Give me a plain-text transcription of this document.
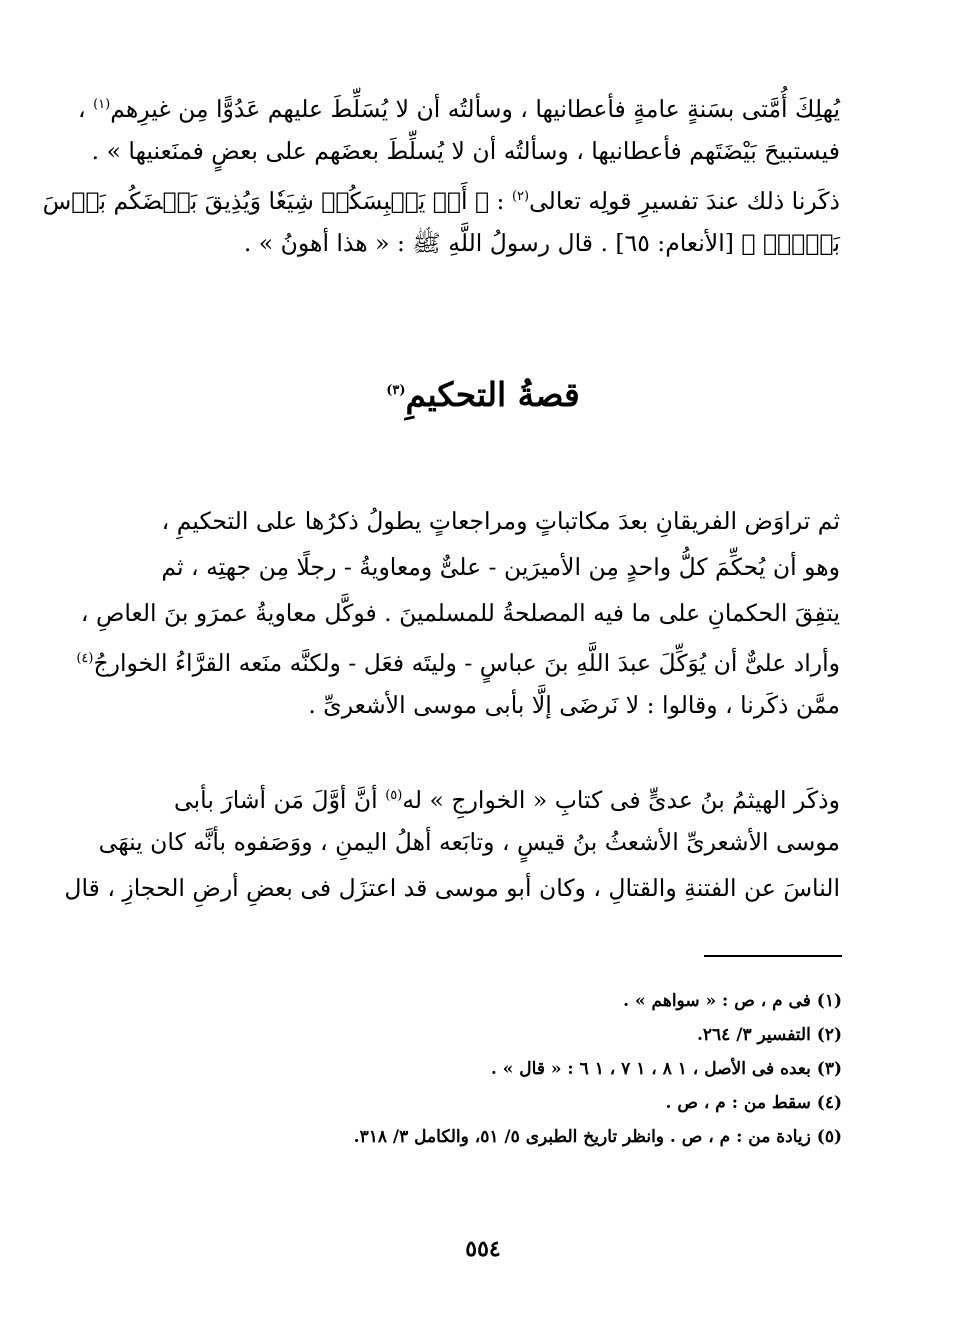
يُهلِكَ أُمَّتى بسَنةٍ عامةٍ فأعطانيها ، وسألتُه أن لا يُسَلِّطَ عليهم عَدُوًّا مِن غيرِهم$^{(١)}$ ،
فيستبيحَ بَيْضَتَهم فأعطانيها ، وسألتُه أن لا يُسلِّطَ بعضَهم على بعضٍ فمنَعنيها » .
ذكَرنا ذلك عندَ تفسيرِ قولِه تعالى$^{(٢)}$ : ﴿ أَوۡ يَلۡبِسَكُمۡ شِيَعٗا وَيُذِيقَ بَعۡضَكُم بَأۡسَ
بَعۡضٍۗ ﴾ [الأنعام: ٦٥] . قال رسولُ اللَّهِ ﷺ : « هذا أهونُ » .
قصةُ التحكيمِ$^{(٣)}$
ثم تراوَض الفريقانِ بعدَ مكاتباتٍ ومراجعاتٍ يطولُ ذكرُها على التحكيمِ ،
وهو أن يُحكِّمَ كلُّ واحدٍ مِن الأميرَين - علىٌّ ومعاويةُ - رجلًا مِن جهتِه ، ثم
يتفِقَ الحكمانِ على ما فيه المصلحةُ للمسلمينَ . فوكَّل معاويةُ عمرَو بنَ العاصِ ،
وأراد علىٌّ أن يُوَكِّلَ عبدَ اللَّهِ بنَ عباسٍ - وليتَه فعَل - ولكنَّه منَعه القرَّاءُ الخوارجُ$^{(٤)}$
ممَّن ذكَرنا ، وقالوا : لا نَرضَى إلَّا بأبى موسى الأشعرىِّ .
وذكَر الهيثمُ بنُ عدىٍّ فى كتابِ « الخوارجِ » له$^{(٥)}$ أنَّ أوَّلَ مَن أشارَ بأبى
موسى الأشعرىِّ الأشعثُ بنُ قيسٍ ، وتابَعه أهلُ اليمنِ ، ووَصَفوه بأنَّه كان ينهَى
الناسَ عن الفتنةِ والقتالِ ، وكان أبو موسى قد اعتزَل فى بعضِ أرضِ الحجازِ ، قال
(١) فى م ، ص : « سواهم » .
(٢) التفسير ٣/ ٢٦٤.
(٣) بعده فى الأصل ، ١ ٨ ، ١ ٧ ، ١ ٦ : « قال » .
(٤) سقط من : م ، ص .
(٥) زيادة من : م ، ص . وانظر تاريخ الطبرى ٥/ ٥١، والكامل ٣/ ٣١٨.
٥٥٤
